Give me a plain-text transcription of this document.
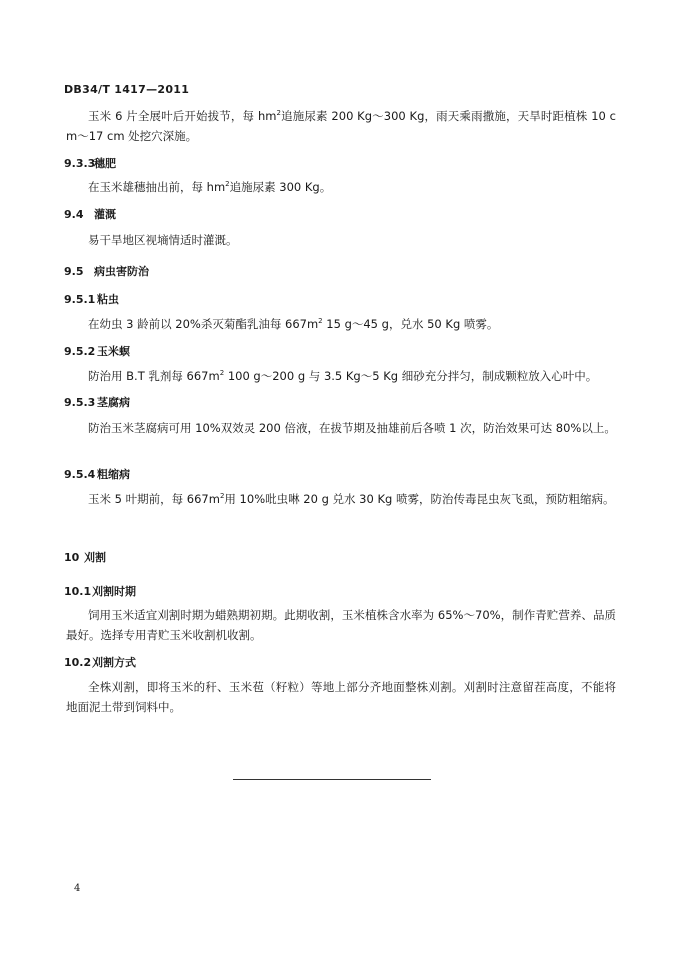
DB34/T 1417—2011
玉米 6 片全展叶后开始拔节，每 $hm^2$追施尿素 200 Kg～300 Kg，雨天乘雨撒施，天旱时距植株 10 cm～17 cm 处挖穴深施。
9.3.3穗肥
在玉米雄穗抽出前，每 $hm^2$追施尿素 300 Kg。
9.4 灌溉
易干旱地区视墒情适时灌溉。
9.5 病虫害防治
9.5.1 粘虫
在幼虫 3 龄前以 20%杀灭菊酯乳油每 $667m^2$ 15 g～45 g，兑水 50 Kg 喷雾。
9.5.2 玉米螟
防治用 B.T 乳剂每 $667m^2$ 100 g～200 g 与 3.5 Kg～5 Kg 细砂充分拌匀，制成颗粒放入心叶中。
9.5.3 茎腐病
防治玉米茎腐病可用 10%双效灵 200 倍液，在拔节期及抽雄前后各喷 1 次，防治效果可达 80%以上。
9.5.4 粗缩病
玉米 5 叶期前，每 $667m^2$用 10%吡虫啉 20 g 兑水 30 Kg 喷雾，防治传毒昆虫灰飞虱，预防粗缩病。
10 刈割
10.1刈割时期
饲用玉米适宜刈割时期为蜡熟期初期。此期收割，玉米植株含水率为 65%～70%，制作青贮营养、品质最好。选择专用青贮玉米收割机收割。
10.2刈割方式
全株刈割，即将玉米的秆、玉米苞（籽粒）等地上部分齐地面整株刈割。刈割时注意留茬高度，不能将地面泥土带到饲料中。
4
